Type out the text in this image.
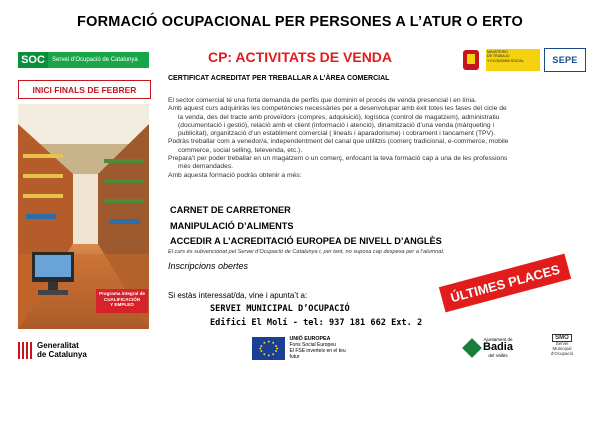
FORMACIÓ OCUPACIONAL PER PERSONES A L’ATUR O ERTO
SOC	Servei d’Ocupació de Catalunya
INICI FINALS DE FEBRER
Programa integral de
CUALIFICACIÓN
Y EMPLEO
CP: ACTIVITATS DE VENDA	MINISTERIO
DE TRABAJO
Y ECONOMÍA SOCIAL	SEPE
CERTIFICAT ACREDITAT PER TREBALLAR A L’ÀREA COMERCIAL

El sector comercial té una forta demanda de perfils que dominin el procés de venda presencial i en línia.

Amb aquest curs adquiriràs les competències necessàries per a desenvolupar amb èxit totes les fases del cicle de

la venda, des del tracte amb proveïdors (compres, adquisició), logística (control de magatzem), administratiu

(documentació i gestió), relació amb el client (informació i atenció), dinamització d’una venda (màrqueting i

publicitat), organització d’un establiment comercial ( lineals i aparadorisme) i cobrament i tancament (TPV).

Podràs treballar com a venedor/a, independentment del canal que utilitzis (comerç tradicional, e-commerce, mobile

commerce, social selling, televenda, etc.).

Prepara’t per poder treballar en un magatzem o un comerç, enfocant la teva formació cap a una de les professions

més demandades.

Amb aquesta formació podràs obtenir a més:

CARNET DE CARRETONER
MANIPULACIÓ D’ALIMENTS
ACCEDIR A L’ACREDITACIÓ EUROPEA DE NIVELL D’ANGLÈS
El curs és subvencionat pel Servei d’Ocupació de Catalunya i, per tant, no suposa cap despesa per a l’alumnat.
Inscripcions obertes
Si estàs interessat/da, vine i apunta’t a:
SERVEI MUNICIPAL D’OCUPACIÓ
Edifici El Molí - tel: 937 181 662 Ext. 2
ÚLTIMES PLACES
Generalitat
de Catalunya
UNIÓ EUROPEA
Fons Social Europeu
El FSE inverteix en el teu futur
Ajuntament de
Badia
del Vallès
SMO
Servei
Municipal
d’Ocupació
